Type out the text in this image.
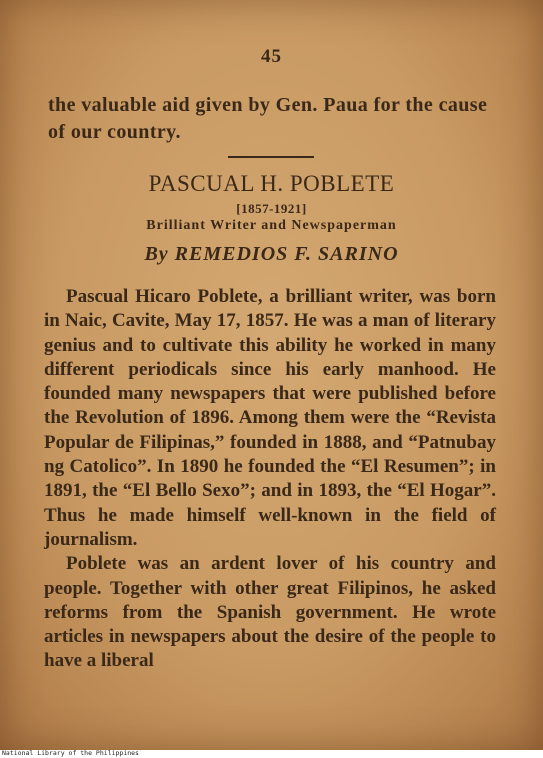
45
the valuable aid given by Gen. Paua for the cause of our country.
PASCUAL H. POBLETE
[1857-1921]
Brilliant Writer and Newspaperman
By REMEDIOS F. SARINO

Pascual Hicaro Poblete, a brilliant writer, was born in Naic, Cavite, May 17, 1857. He was a man of literary genius and to cultivate this ability he worked in many different periodicals since his early manhood. He founded many newspapers that were published before the Revolution of 1896. Among them were the “Revista Popular de Filipinas,” founded in 1888, and “Patnubay ng Catolico”. In 1890 he founded the “El Resumen”; in 1891, the “El Bello Sexo”; and in 1893, the “El Hogar”. Thus he made himself well-known in the field of journalism.

Poblete was an ardent lover of his country and people. Together with other great Filipinos, he asked reforms from the Spanish government. He wrote articles in newspapers about the desire of the people to have a liberal

National Library of the Philippines
